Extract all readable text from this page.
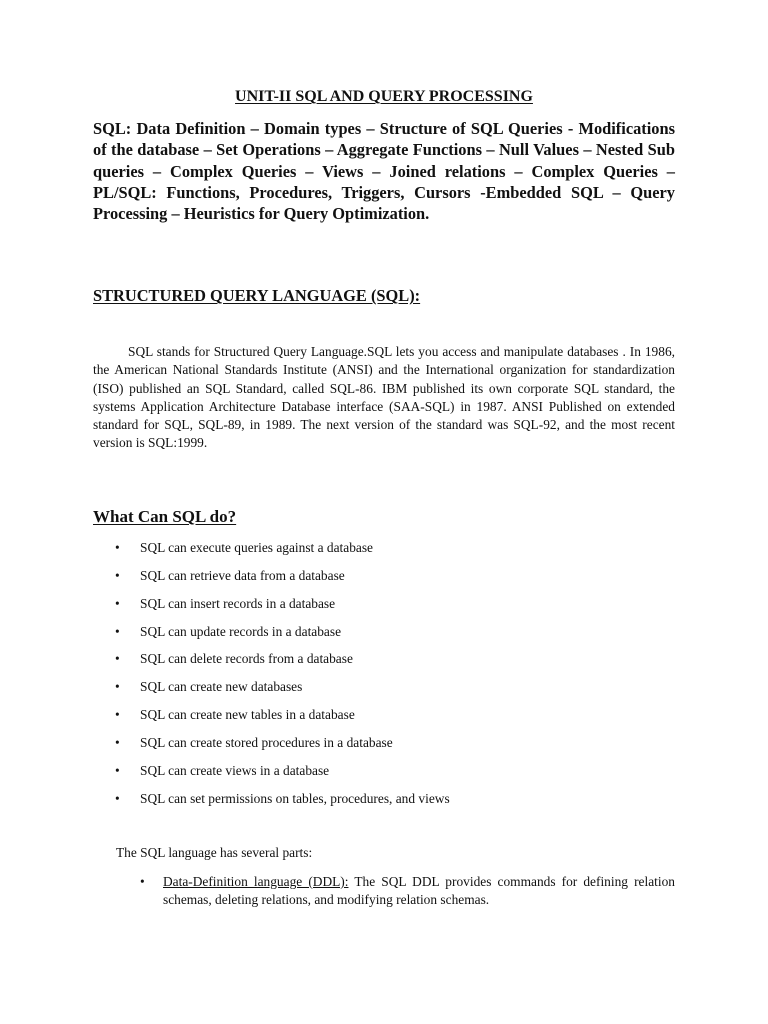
UNIT-II SQL AND QUERY PROCESSING
SQL: Data Definition – Domain types – Structure of SQL Queries - Modifications of the database – Set Operations – Aggregate Functions – Null Values – Nested Sub queries – Complex Queries – Views – Joined relations – Complex Queries – PL/SQL: Functions, Procedures, Triggers, Cursors -Embedded SQL – Query Processing – Heuristics for Query Optimization.
STRUCTURED QUERY LANGUAGE (SQL):
SQL stands for Structured Query Language.SQL lets you access and manipulate databases . In 1986, the American National Standards Institute (ANSI) and the International organization for standardization (ISO) published an SQL Standard, called SQL-86. IBM published its own corporate SQL standard, the systems Application Architecture Database interface (SAA-SQL) in 1987. ANSI Published on extended standard for SQL, SQL-89, in 1989. The next version of the standard was SQL-92, and the most recent version is SQL:1999.
What Can SQL do?
• SQL can execute queries against a database
• SQL can retrieve data from a database
• SQL can insert records in a database
• SQL can update records in a database
• SQL can delete records from a database
• SQL can create new databases
• SQL can create new tables in a database
• SQL can create stored procedures in a database
• SQL can create views in a database
• SQL can set permissions on tables, procedures, and views
The SQL language has several parts:
• Data-Definition language (DDL): The SQL DDL provides commands for defining relation schemas, deleting relations, and modifying relation schemas.
